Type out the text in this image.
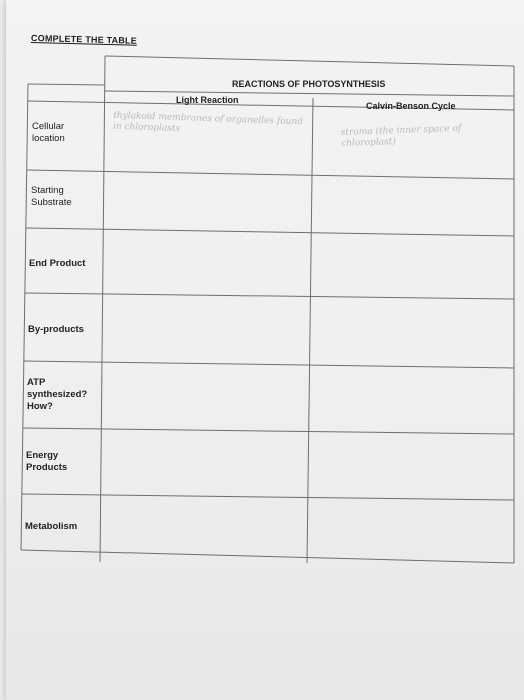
COMPLETE THE TABLE
REACTIONS OF PHOTOSYNTHESIS
Light Reaction
Calvin-Benson Cycle
Cellular location
Starting Substrate
End Product
By-products
ATP synthesized? How?
Energy Products
Metabolism
thylakoid membranes of organelles found in chloroplasts	stroma (the inner space of chloroplast)
